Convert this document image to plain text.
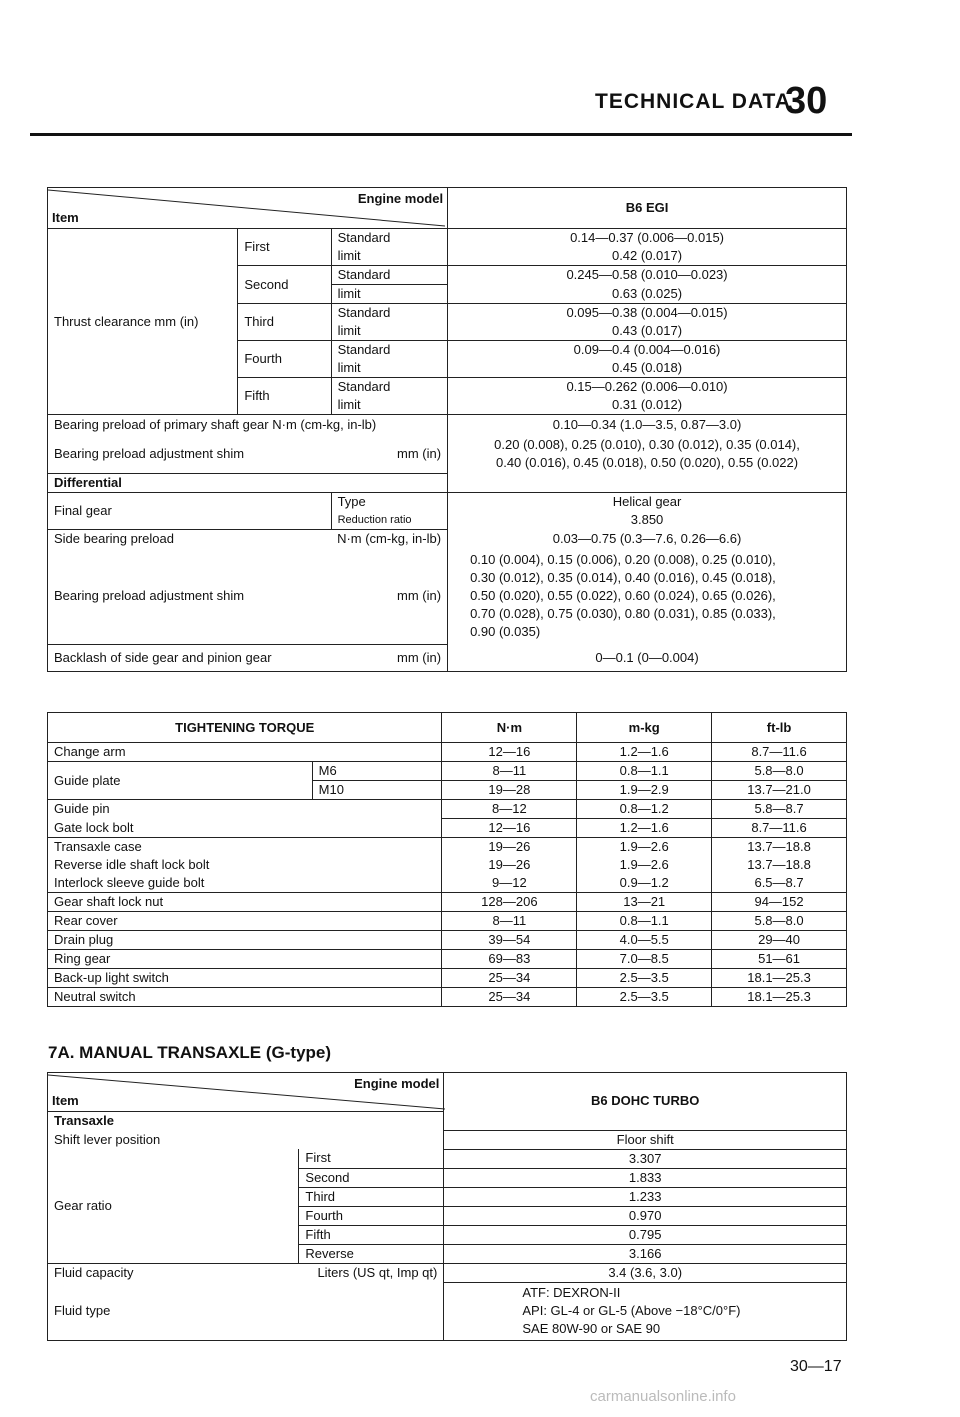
TECHNICAL DATA
30
Engine model
Item			B6 EGI
Thrust clearance mm (in)	First	Standard	0.14—0.37 (0.006—0.015)
		limit	0.42 (0.017)
	Second	Standard	0.245—0.58 (0.010—0.023)
		limit	0.63 (0.025)
	Third	Standard	0.095—0.38 (0.004—0.015)
		limit	0.43 (0.017)
	Fourth	Standard	0.09—0.4 (0.004—0.016)
		limit	0.45 (0.018)
	Fifth	Standard	0.15—0.262 (0.006—0.010)
		limit	0.31 (0.012)
Bearing preload of primary shaft gear N·m (cm-kg, in-lb)			0.10—0.34 (1.0—3.5, 0.87—3.0)
Bearing preload adjustment shim		mm (in)	0.20 (0.008), 0.25 (0.010), 0.30 (0.012), 0.35 (0.014),
0.40 (0.016), 0.45 (0.018), 0.50 (0.020), 0.55 (0.022)

Differential			
Final gear		Type	Helical gear
		Reduction ratio	3.850
Side bearing preload		N·m (cm-kg, in-lb)	0.03—0.75 (0.3—7.6, 0.26—6.6)
Bearing preload adjustment shim		mm (in)	0.10 (0.004), 0.15 (0.006), 0.20 (0.008), 0.25 (0.010),
0.30 (0.012), 0.35 (0.014), 0.40 (0.016), 0.45 (0.018),
0.50 (0.020), 0.55 (0.022), 0.60 (0.024), 0.65 (0.026),
0.70 (0.028), 0.75 (0.030), 0.80 (0.031), 0.85 (0.033),
0.90 (0.035)

Backlash of side gear and pinion gear		mm (in)	0—0.1 (0—0.004)
TIGHTENING TORQUE		N·m	m-kg	ft-lb
Change arm		12—16	1.2—1.6	8.7—11.6
Guide plate	M6	8—11	0.8—1.1	5.8—8.0
	M10	19—28	1.9—2.9	13.7—21.0
Guide pin		8—12	0.8—1.2	5.8—8.7
Gate lock bolt		12—16	1.2—1.6	8.7—11.6
Transaxle case		19—26	1.9—2.6	13.7—18.8
Reverse idle shaft lock bolt		19—26	1.9—2.6	13.7—18.8
Interlock sleeve guide bolt		9—12	0.9—1.2	6.5—8.7
Gear shaft lock nut		128—206	13—21	94—152
Rear cover		8—11	0.8—1.1	5.8—8.0
Drain plug		39—54	4.0—5.5	29—40
Ring gear		69—83	7.0—8.5	51—61
Back-up light switch		25—34	2.5—3.5	18.1—25.3
Neutral switch		25—34	2.5—3.5	18.1—25.3
7A. MANUAL TRANSAXLE (G-type)
Engine model
Item		B6 DOHC TURBO
Transaxle		
Shift lever position		Floor shift
Gear ratio	First	3.307
	Second	1.833
	Third	1.233
	Fourth	0.970
	Fifth	0.795
	Reverse	3.166
Fluid capacity	Liters (US qt, Imp qt)	3.4 (3.6, 3.0)
Fluid type		ATF: DEXRON-II
API: GL-4 or GL-5 (Above −18°C/0°F)
SAE 80W-90 or SAE 90
30—17
carmanualsonline.info
